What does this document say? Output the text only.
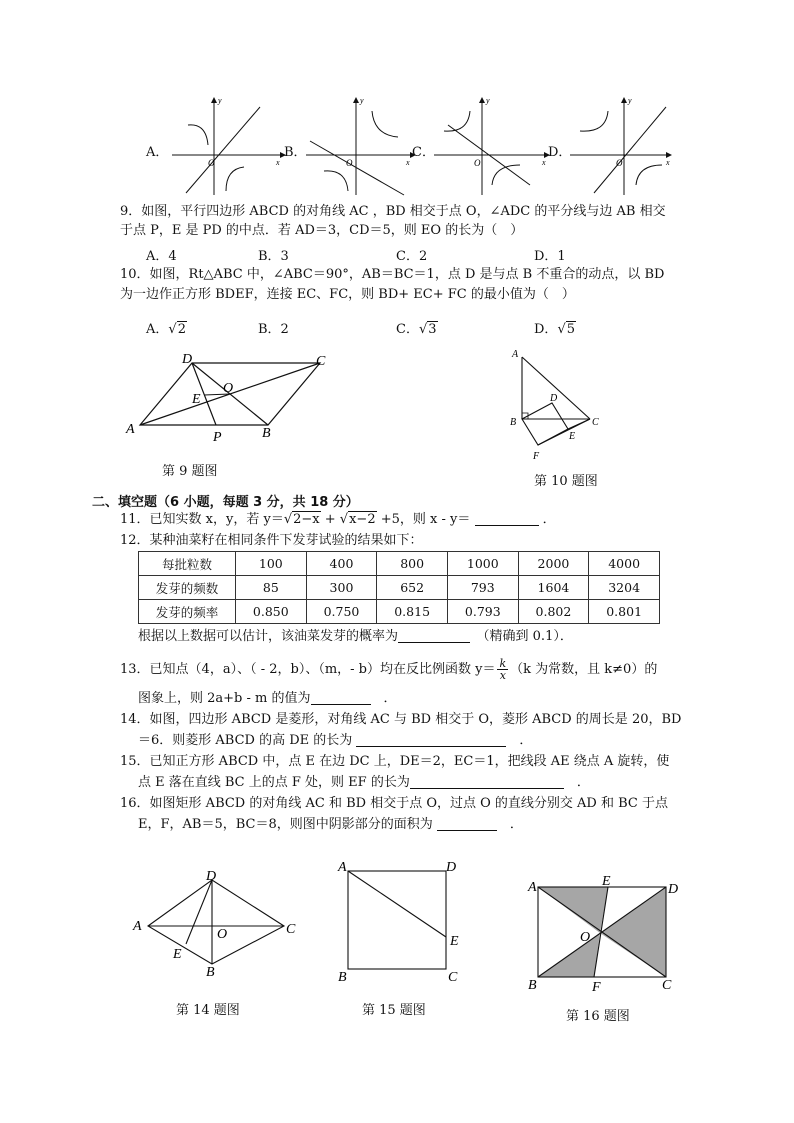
A．
O	x
y
B．
O	x
y
C．
O	x
y
D．
O	x
y
9．如图，平行四边形 ABCD 的对角线 AC ，BD 相交于点 O，∠ADC 的平分线与边 AB 相交
于点 P，E 是 PD 的中点．若 AD＝3，CD＝5，则 EO 的长为（　）
A．4	B．3	C．2	D．1
10．如图，Rt△ABC 中，∠ABC＝90°，AB＝BC＝1，点 D 是与点 B 不重合的动点，以 BD
为一边作正方形 BDEF，连接 EC、FC，则 BD+ EC+ FC 的最小值为（　）
A．√2	B．2	C．√3	D．√5
A	B
C
D
E
O
P
第 9 题图
A
B	C
D
E
F
第 10 题图
二、填空题（6 小题，每题 3 分，共 18 分）
11．已知实数 x，y，若 y＝√2−x + √x−2 +5，则 x - y＝	．
12．某种油菜籽在相同条件下发芽试验的结果如下：
每批粒数	100	400	800	1000	2000	4000
发芽的频数	85	300	652	793	1604	3204
发芽的频率	0.850	0.750	0.815	0.793	0.802	0.801
根据以上数据可以估计，该油菜发芽的概率为　	（精确到 0.1）．
13．已知点（4，a）、（ - 2，b）、（m，- b）均在反比例函数 $y= \frac{k}{x} (k$ 为常数，且 k≠0）的
图象上，则 2a+b - m 的值为　	．
14．如图，四边形 ABCD 是菱形，对角线 AC 与 BD 相交于 O，菱形 ABCD 的周长是 20，BD
＝6．则菱形 ABCD 的高 DE 的长为 　	．
15．已知正方形 ABCD 中，点 E 在边 DC 上，DE＝2，EC＝1，把线段 AE 绕点 A 旋转，使
点 E 落在直线 BC 上的点 F 处，则 EF 的长为　	．
16．如图矩形 ABCD 的对角线 AC 和 BD 相交于点 O，过点 O 的直线分别交 AD 和 BC 于点
E，F，AB＝5，BC＝8，则图中阴影部分的面积为 　	．
A
B
C
D
E
O
第 14 题图
A
B	C
D
E
第 15 题图
A
B	C
D
E
F
O
第 16 题图
